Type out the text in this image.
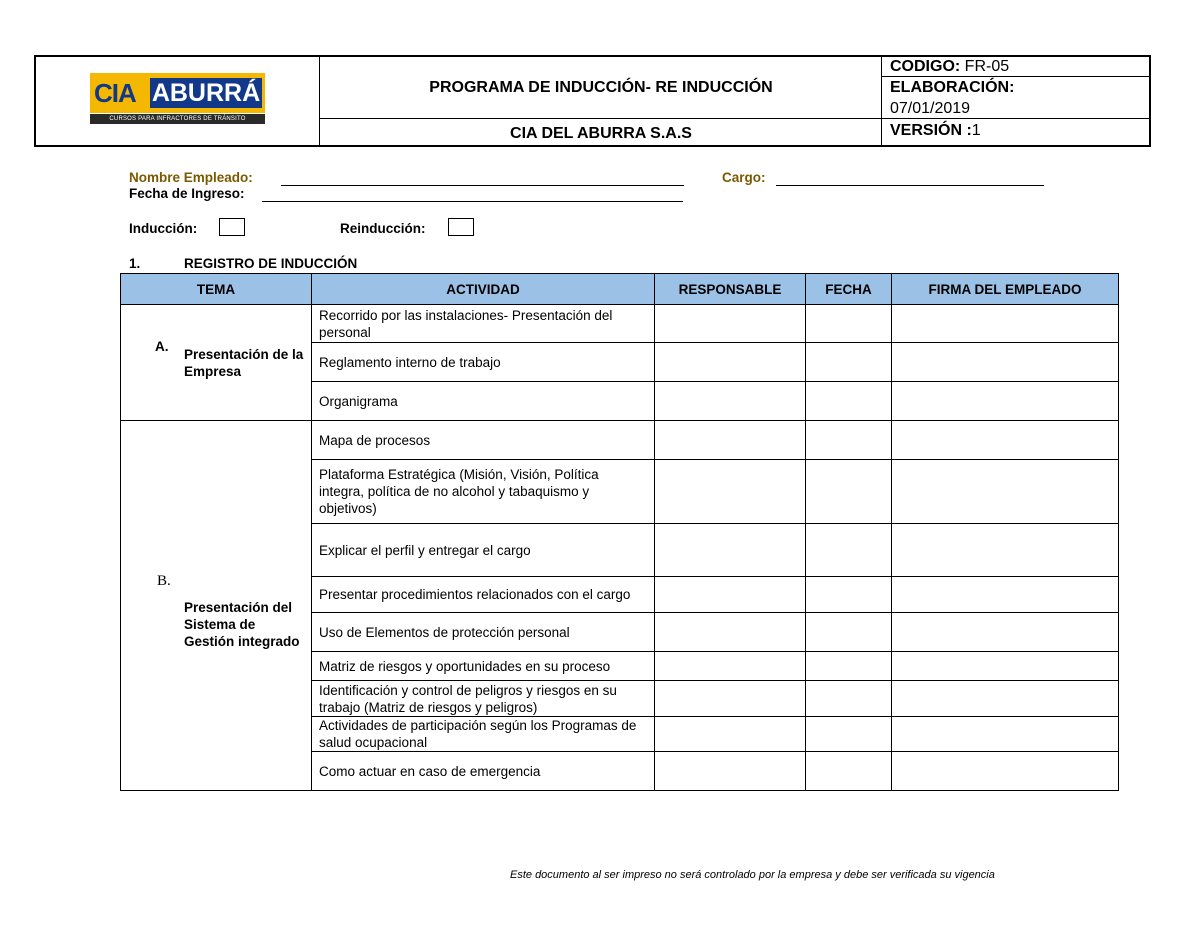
CIA ABURRÁ
CURSOS PARA INFRACTORES DE TRÁNSITO
PROGRAMA DE INDUCCIÓN- RE INDUCCIÓN
CIA DEL ABURRA S.A.S
CODIGO: FR-05
ELABORACIÓN:
07/01/2019
VERSIÓN :1
Nombre Empleado:	Cargo:
Fecha de Ingreso:
Inducción:	Reinducción:
1.	REGISTRO DE INDUCCIÓN
TEMA	ACTIVIDAD	RESPONSABLE	FECHA	FIRMA DEL EMPLEADO

A. Presentación de la Empresa	Recorrido por las instalaciones- Presentación del personal			
	Reglamento interno de trabajo			
	Organigrama			

B.
Presentación del Sistema de Gestión integrado	Mapa de procesos			
	Plataforma Estratégica (Misión, Visión, Política integra, política de no alcohol y tabaquismo y objetivos)			
	Explicar el perfil y entregar el cargo			
	Presentar procedimientos relacionados con el cargo			
	Uso de Elementos de protección personal			
	Matriz de riesgos y oportunidades en su proceso			
	Identificación y control de peligros y riesgos en su trabajo (Matriz de riesgos y peligros)			
	Actividades de participación según los Programas de salud ocupacional			
	Como actuar en caso de emergencia			
Este documento al ser impreso no será controlado por la empresa y debe ser verificada su vigencia
